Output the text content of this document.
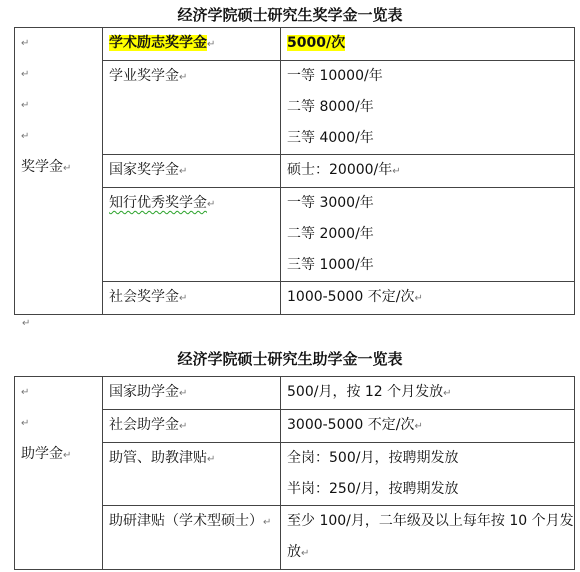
经济学院硕士研究生奖学金一览表
↵
↵
↵
↵
奖学金↵	学术励志奖学金↵	5000/次
	学业奖学金↵	一等 10000/年
二等 8000/年
三等 4000/年

	国家奖学金↵	硕士：20000/年↵
	知行优秀奖学金↵	一等 3000/年
二等 2000/年
三等 1000/年

	社会奖学金↵	1000-5000 不定/次↵
↵
经济学院硕士研究生助学金一览表
↵
↵
助学金↵	国家助学金↵	500/月，按 12 个月发放↵
	社会助学金↵	3000-5000 不定/次↵
	助管、助教津贴↵	全岗：500/月，按聘期发放
半岗：250/月，按聘期发放

	助研津贴（学术型硕士）↵	至少 100/月，二年级及以上每年按 10 个月发放↵
